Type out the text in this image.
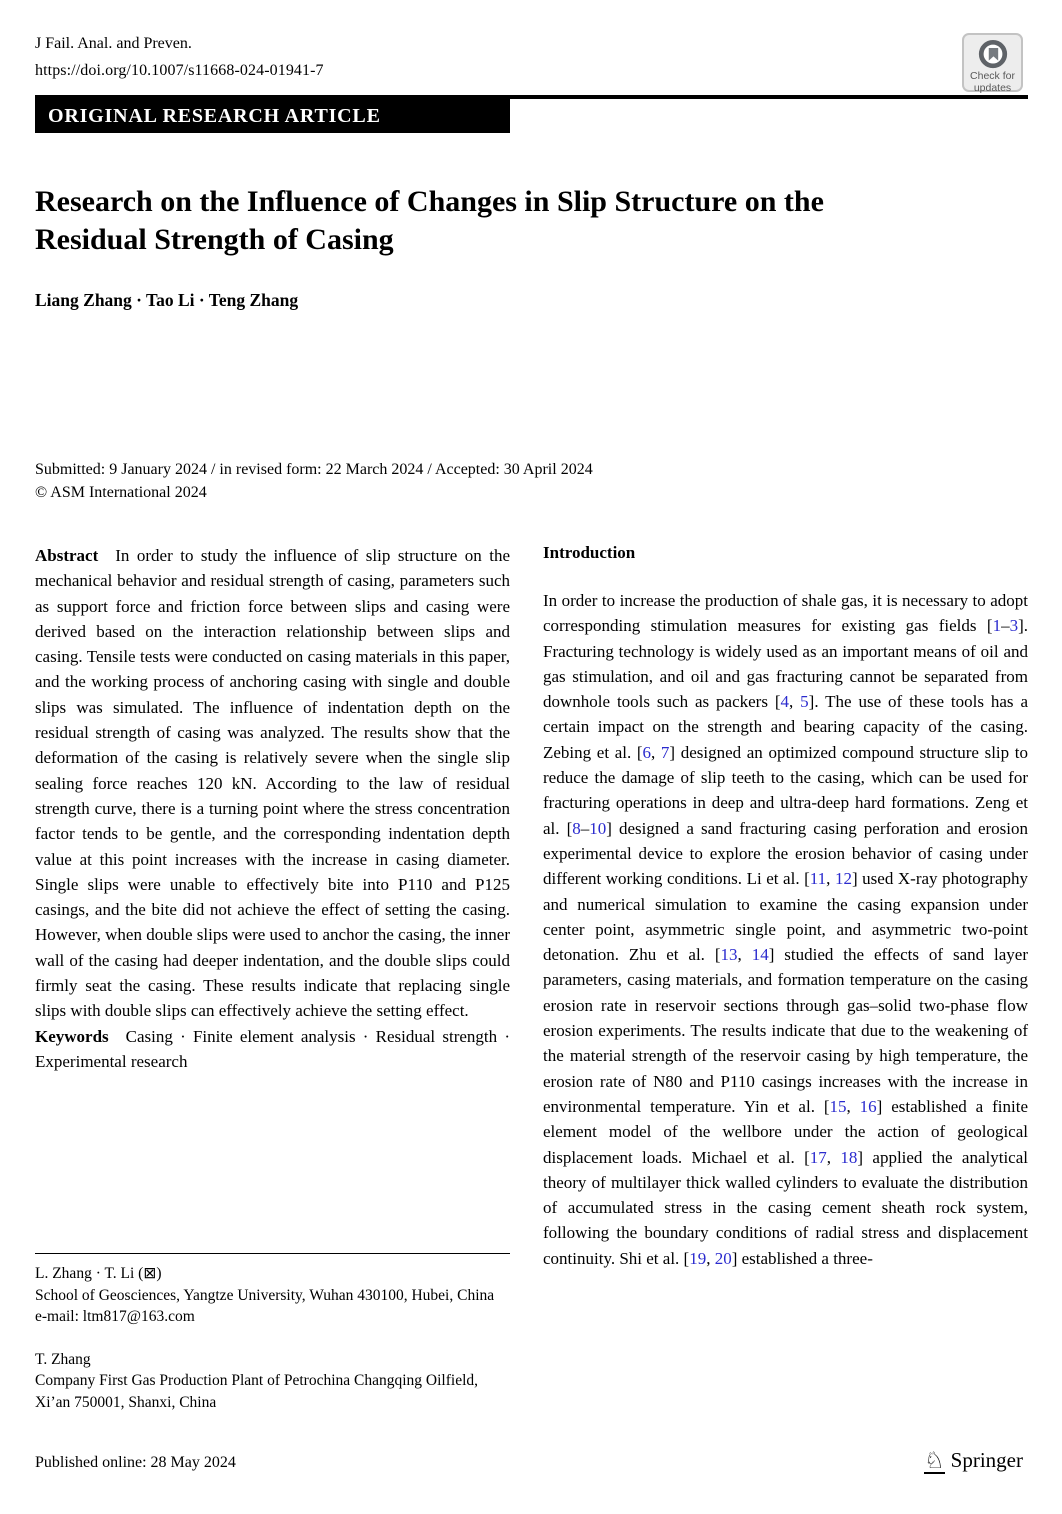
J Fail. Anal. and Preven.
https://doi.org/10.1007/s11668-024-01941-7	Check for
updates
ORIGINAL RESEARCH ARTICLE
Research on the Influence of Changes in Slip Structure on the Residual Strength of Casing
Liang Zhang · Tao Li · Teng Zhang
Submitted: 9 January 2024 / in revised form: 22 March 2024 / Accepted: 30 April 2024
© ASM International 2024

Abstract In order to study the influence of slip structure on the mechanical behavior and residual strength of casing, parameters such as support force and friction force between slips and casing were derived based on the interaction relationship between slips and casing. Tensile tests were conducted on casing materials in this paper, and the working process of anchoring casing with single and double slips was simulated. The influence of indentation depth on the residual strength of casing was analyzed. The results show that the deformation of the casing is relatively severe when the single slip sealing force reaches 120 kN. According to the law of residual strength curve, there is a turning point where the stress concentration factor tends to be gentle, and the corresponding indentation depth value at this point increases with the increase in casing diameter. Single slips were unable to effectively bite into P110 and P125 casings, and the bite did not achieve the effect of setting the casing. However, when double slips were used to anchor the casing, the inner wall of the casing had deeper indentation, and the double slips could firmly seat the casing. These results indicate that replacing single slips with double slips can effectively achieve the setting effect.

Keywords Casing · Finite element analysis · Residual strength · Experimental research

L. Zhang · T. Li (⊠)
School of Geosciences, Yangtze University, Wuhan 430100, Hubei, China
e-mail: ltm817@163.com
T. Zhang
Company First Gas Production Plant of Petrochina Changqing Oilfield, Xi’an 750001, Shanxi, China
Introduction

In order to increase the production of shale gas, it is necessary to adopt corresponding stimulation measures for existing gas fields [1–3]. Fracturing technology is widely used as an important means of oil and gas stimulation, and oil and gas fracturing cannot be separated from downhole tools such as packers [4, 5]. The use of these tools has a certain impact on the strength and bearing capacity of the casing. Zebing et al. [6, 7] designed an optimized compound structure slip to reduce the damage of slip teeth to the casing, which can be used for fracturing operations in deep and ultra-deep hard formations. Zeng et al. [8–10] designed a sand fracturing casing perforation and erosion experimental device to explore the erosion behavior of casing under different working conditions. Li et al. [11, 12] used X-ray photography and numerical simulation to examine the casing expansion under center point, asymmetric single point, and asymmetric two-point detonation. Zhu et al. [13, 14] studied the effects of sand layer parameters, casing materials, and formation temperature on the casing erosion rate in reservoir sections through gas–solid two-phase flow erosion experiments. The results indicate that due to the weakening of the material strength of the reservoir casing by high temperature, the erosion rate of N80 and P110 casings increases with the increase in environmental temperature. Yin et al. [15, 16] established a finite element model of the wellbore under the action of geological displacement loads. Michael et al. [17, 18] applied the analytical theory of multilayer thick walled cylinders to evaluate the distribution of accumulated stress in the casing cement sheath rock system, following the boundary conditions of radial stress and displacement continuity. Shi et al. [19, 20] established a three-

Published online: 28 May 2024	♘ Springer
